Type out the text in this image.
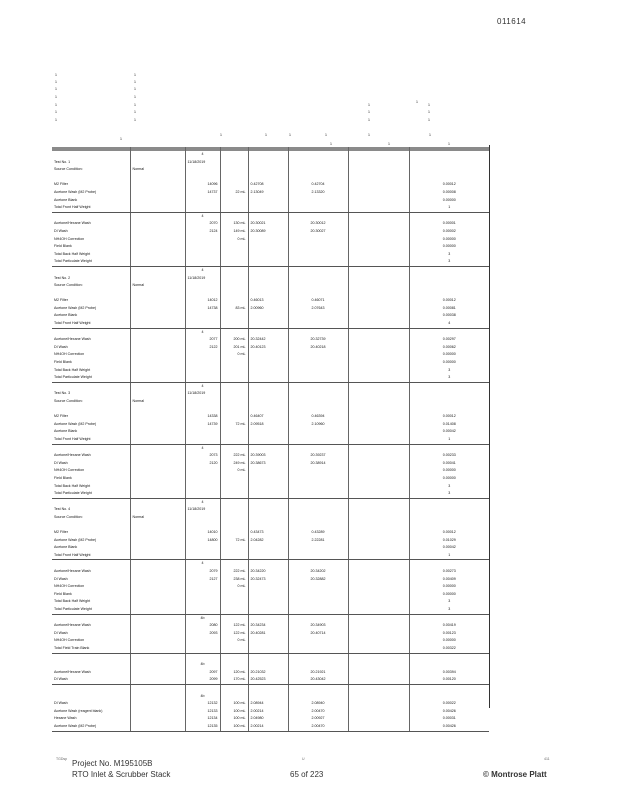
011614
1
1
1
1
1
1
1
1
1
1
1
1
1
1
1
1
1
1
1
1
1
1
1	1	1	1	1
1	1
1
1

		4					
Test No. 1		11/18/2019					
Source Condition:	Normal						

M2 Filter		14096		0.42708	0.42704		0.00012
Acetone Wash (M2 Probe)		14737	22 mL	2.13049	2.13320		0.00008
Acetone Blank							0.00000
Total Front Half Weight							1
		4					
Acetone/Hexane Wash		2070	130 mL	20.30021	20.30012		0.00001
DI Wash		2124	149 mL	20.30089	20.30027		0.00002
NH4OH Correction			0 mL				0.00000
Field Blank							0.00000
Total Back Half Weight							3
Total Particulate Weight							3
		4					
Test No. 2		11/18/2019					
Source Condition:	Normal						

M2 Filter		14012		0.46013	0.46071		0.00012
Acetone Wash (M2 Probe)		14738	83 mL	2.00960	2.07643		0.00081
Acetone Blank							0.00038
Total Front Half Weight							4
		4					
Acetone/Hexane Wash		2077	200 mL	20.32442	20.32739		0.00297
DI Wash		2122	201 mL	20.40123	20.40218		0.00062
NH4OH Correction			0 mL				0.00000
Field Blank							0.00000
Total Back Half Weight							3
Total Particulate Weight							3
		4					
Test No. 3		11/18/2019					
Source Condition:	Normal						

M2 Filter		14338		0.46407	0.46394		0.00012
Acetone Wash (M2 Probe)		14739	72 mL	2.09518	2.10960		0.01408
Acetone Blank							0.00042
Total Front Half Weight							1
		4					
Acetone/Hexane Wash		2073	222 mL	20.39003	20.39237		0.00233
DI Wash		2120	249 mL	20.38673	20.38914		0.00041
NH4OH Correction			0 mL				0.00000
Field Blank							0.00000
Total Back Half Weight							3
Total Particulate Weight							3
		4					
Test No. 4		11/18/2019					
Source Condition:	Normal						

M2 Filter		14010		0.43473	0.43289		0.00012
Acetone Wash (M2 Probe)		14800	72 mL	2.04282	2.22281		0.01029
Acetone Blank							0.00042
Total Front Half Weight							1
		4					
Acetone/Hexane Wash		2079	222 mL	20.34220	20.34202		0.00273
DI Wash		2127	238 mL	20.32473	20.32882		0.00409
NH4OH Correction			0 mL				0.00000
Field Blank							0.00000
Total Back Half Weight							3
Total Particulate Weight							3
		4b					
Acetone/Hexane Wash		2080	122 mL	20.34234	20.34903		0.00419
DI Wash		2093	122 mL	20.40281	20.40714		0.00123
NH4OH Correction			0 mL				0.00000
Total Field Train Blank							0.00322

		4b					
Acetone/Hexane Wash		2097	120 mL	20.21032	20.21921		0.00394
DI Wash		2099	170 mL	20.42523	20.43042		0.00120

		4b					
DI Wash		12132	100 mL	2.08944	2.08940		0.00022
Acetone Wash (reagent blank)		12133	100 mL	2.00214	2.00470		0.00426
Hexane Wash		12134	100 mL	2.04980	2.00927		0.00031
Acetone Wash (M2 Probe)		12135	100 mL	2.00214	2.00470		0.00426
TGDsp	U	411
Project No. M195105B
RTO Inlet & Scrubber Stack	65 of 223	© Montrose Platt
